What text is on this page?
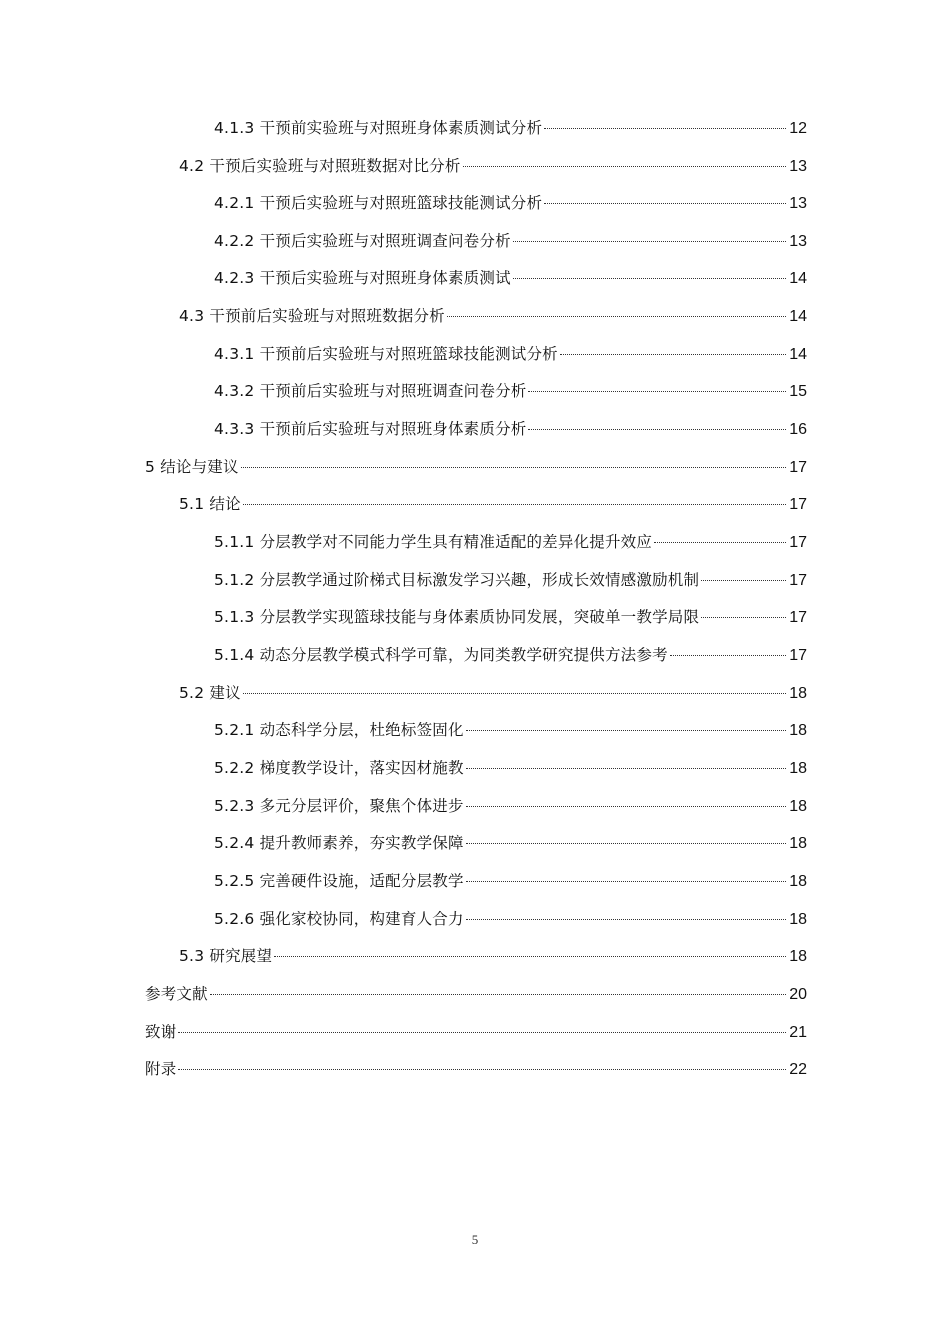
4.1.3 干预前实验班与对照班身体素质测试分析	12
4.2 干预后实验班与对照班数据对比分析	13
4.2.1 干预后实验班与对照班篮球技能测试分析	13
4.2.2 干预后实验班与对照班调查问卷分析	13
4.2.3 干预后实验班与对照班身体素质测试	14
4.3 干预前后实验班与对照班数据分析	14
4.3.1 干预前后实验班与对照班篮球技能测试分析	14
4.3.2 干预前后实验班与对照班调查问卷分析	15
4.3.3 干预前后实验班与对照班身体素质分析	16
5 结论与建议	17
5.1 结论	17
5.1.1 分层教学对不同能力学生具有精准适配的差异化提升效应	17
5.1.2 分层教学通过阶梯式目标激发学习兴趣，形成长效情感激励机制	17
5.1.3 分层教学实现篮球技能与身体素质协同发展，突破单一教学局限	17
5.1.4 动态分层教学模式科学可靠，为同类教学研究提供方法参考	17
5.2 建议	18
5.2.1 动态科学分层，杜绝标签固化	18
5.2.2 梯度教学设计，落实因材施教	18
5.2.3 多元分层评价，聚焦个体进步	18
5.2.4 提升教师素养，夯实教学保障	18
5.2.5 完善硬件设施，适配分层教学	18
5.2.6 强化家校协同，构建育人合力	18
5.3 研究展望	18
参考文献	20
致谢	21
附录	22
5
